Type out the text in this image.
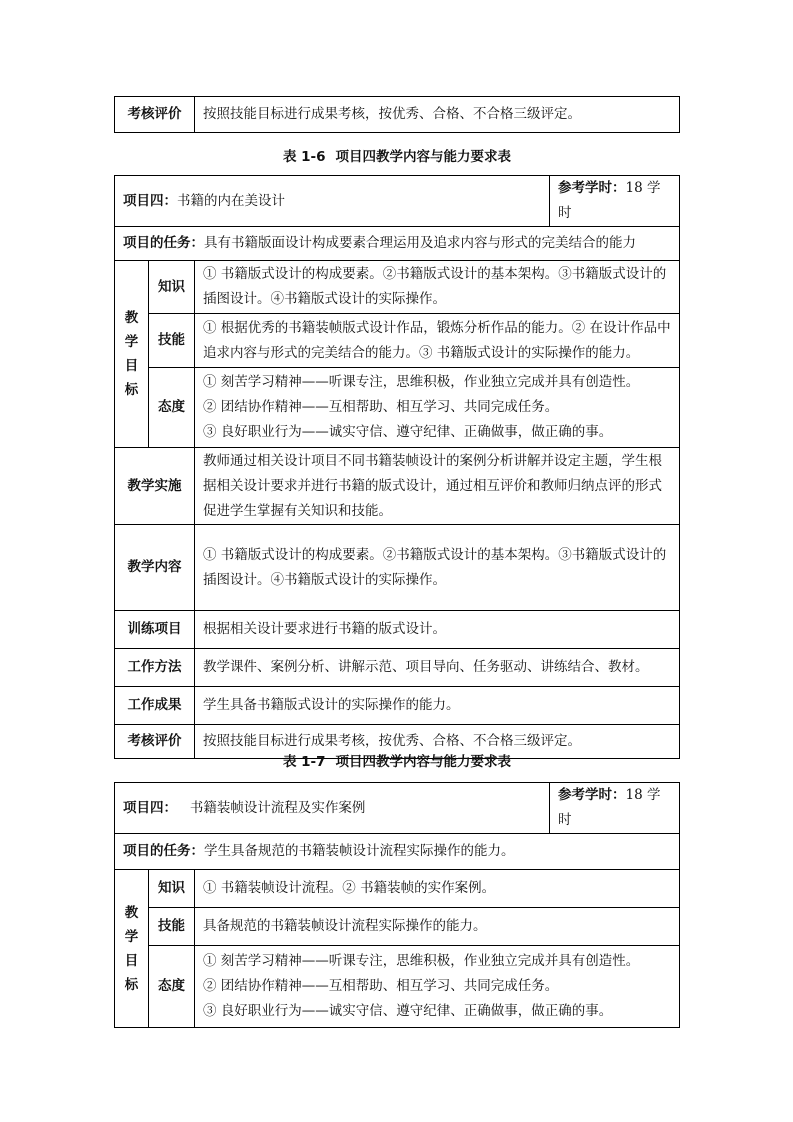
考核评价	按照技能目标进行成果考核，按优秀、合格、不合格三级评定。

表 1-6 项目四教学内容与能力要求表

项目四：书籍的内在美设计			参考学时：18 学时
项目的任务：具有书籍版面设计构成要素合理运用及追求内容与形式的完美结合的能力			

教
学
目
标	知识	① 书籍版式设计的构成要素。②书籍版式设计的基本架构。③书籍版式设计的插图设计。④书籍版式设计的实际操作。	
	技能	① 根据优秀的书籍装帧版式设计作品，锻炼分析作品的能力。② 在设计作品中追求内容与形式的完美结合的能力。③ 书籍版式设计的实际操作的能力。	
	态度	① 刻苦学习精神——听课专注，思维积极，作业独立完成并具有创造性。
② 团结协作精神——互相帮助、相互学习、共同完成任务。
③ 良好职业行为——诚实守信、遵守纪律、正确做事，做正确的事。	

教学实施		教师通过相关设计项目不同书籍装帧设计的案例分析讲解并设定主题，学生根据相关设计要求并进行书籍的版式设计，通过相互评价和教师归纳点评的形式促进学生掌握有关知识和技能。	
教学内容		① 书籍版式设计的构成要素。②书籍版式设计的基本架构。③书籍版式设计的插图设计。④书籍版式设计的实际操作。	
训练项目		根据相关设计要求进行书籍的版式设计。	
工作方法		教学课件、案例分析、讲解示范、项目导向、任务驱动、讲练结合、教材。	
工作成果		学生具备书籍版式设计的实际操作的能力。	
考核评价		按照技能目标进行成果考核，按优秀、合格、不合格三级评定。	

表 1-7 项目四教学内容与能力要求表

项目四： 书籍装帧设计流程及实作案例			参考学时：18 学时
项目的任务：学生具备规范的书籍装帧设计流程实际操作的能力。			

教
学
目
标	知识	① 书籍装帧设计流程。② 书籍装帧的实作案例。	
	技能	具备规范的书籍装帧设计流程实际操作的能力。	
	态度	① 刻苦学习精神——听课专注，思维积极，作业独立完成并具有创造性。
② 团结协作精神——互相帮助、相互学习、共同完成任务。
③ 良好职业行为——诚实守信、遵守纪律、正确做事，做正确的事。	
